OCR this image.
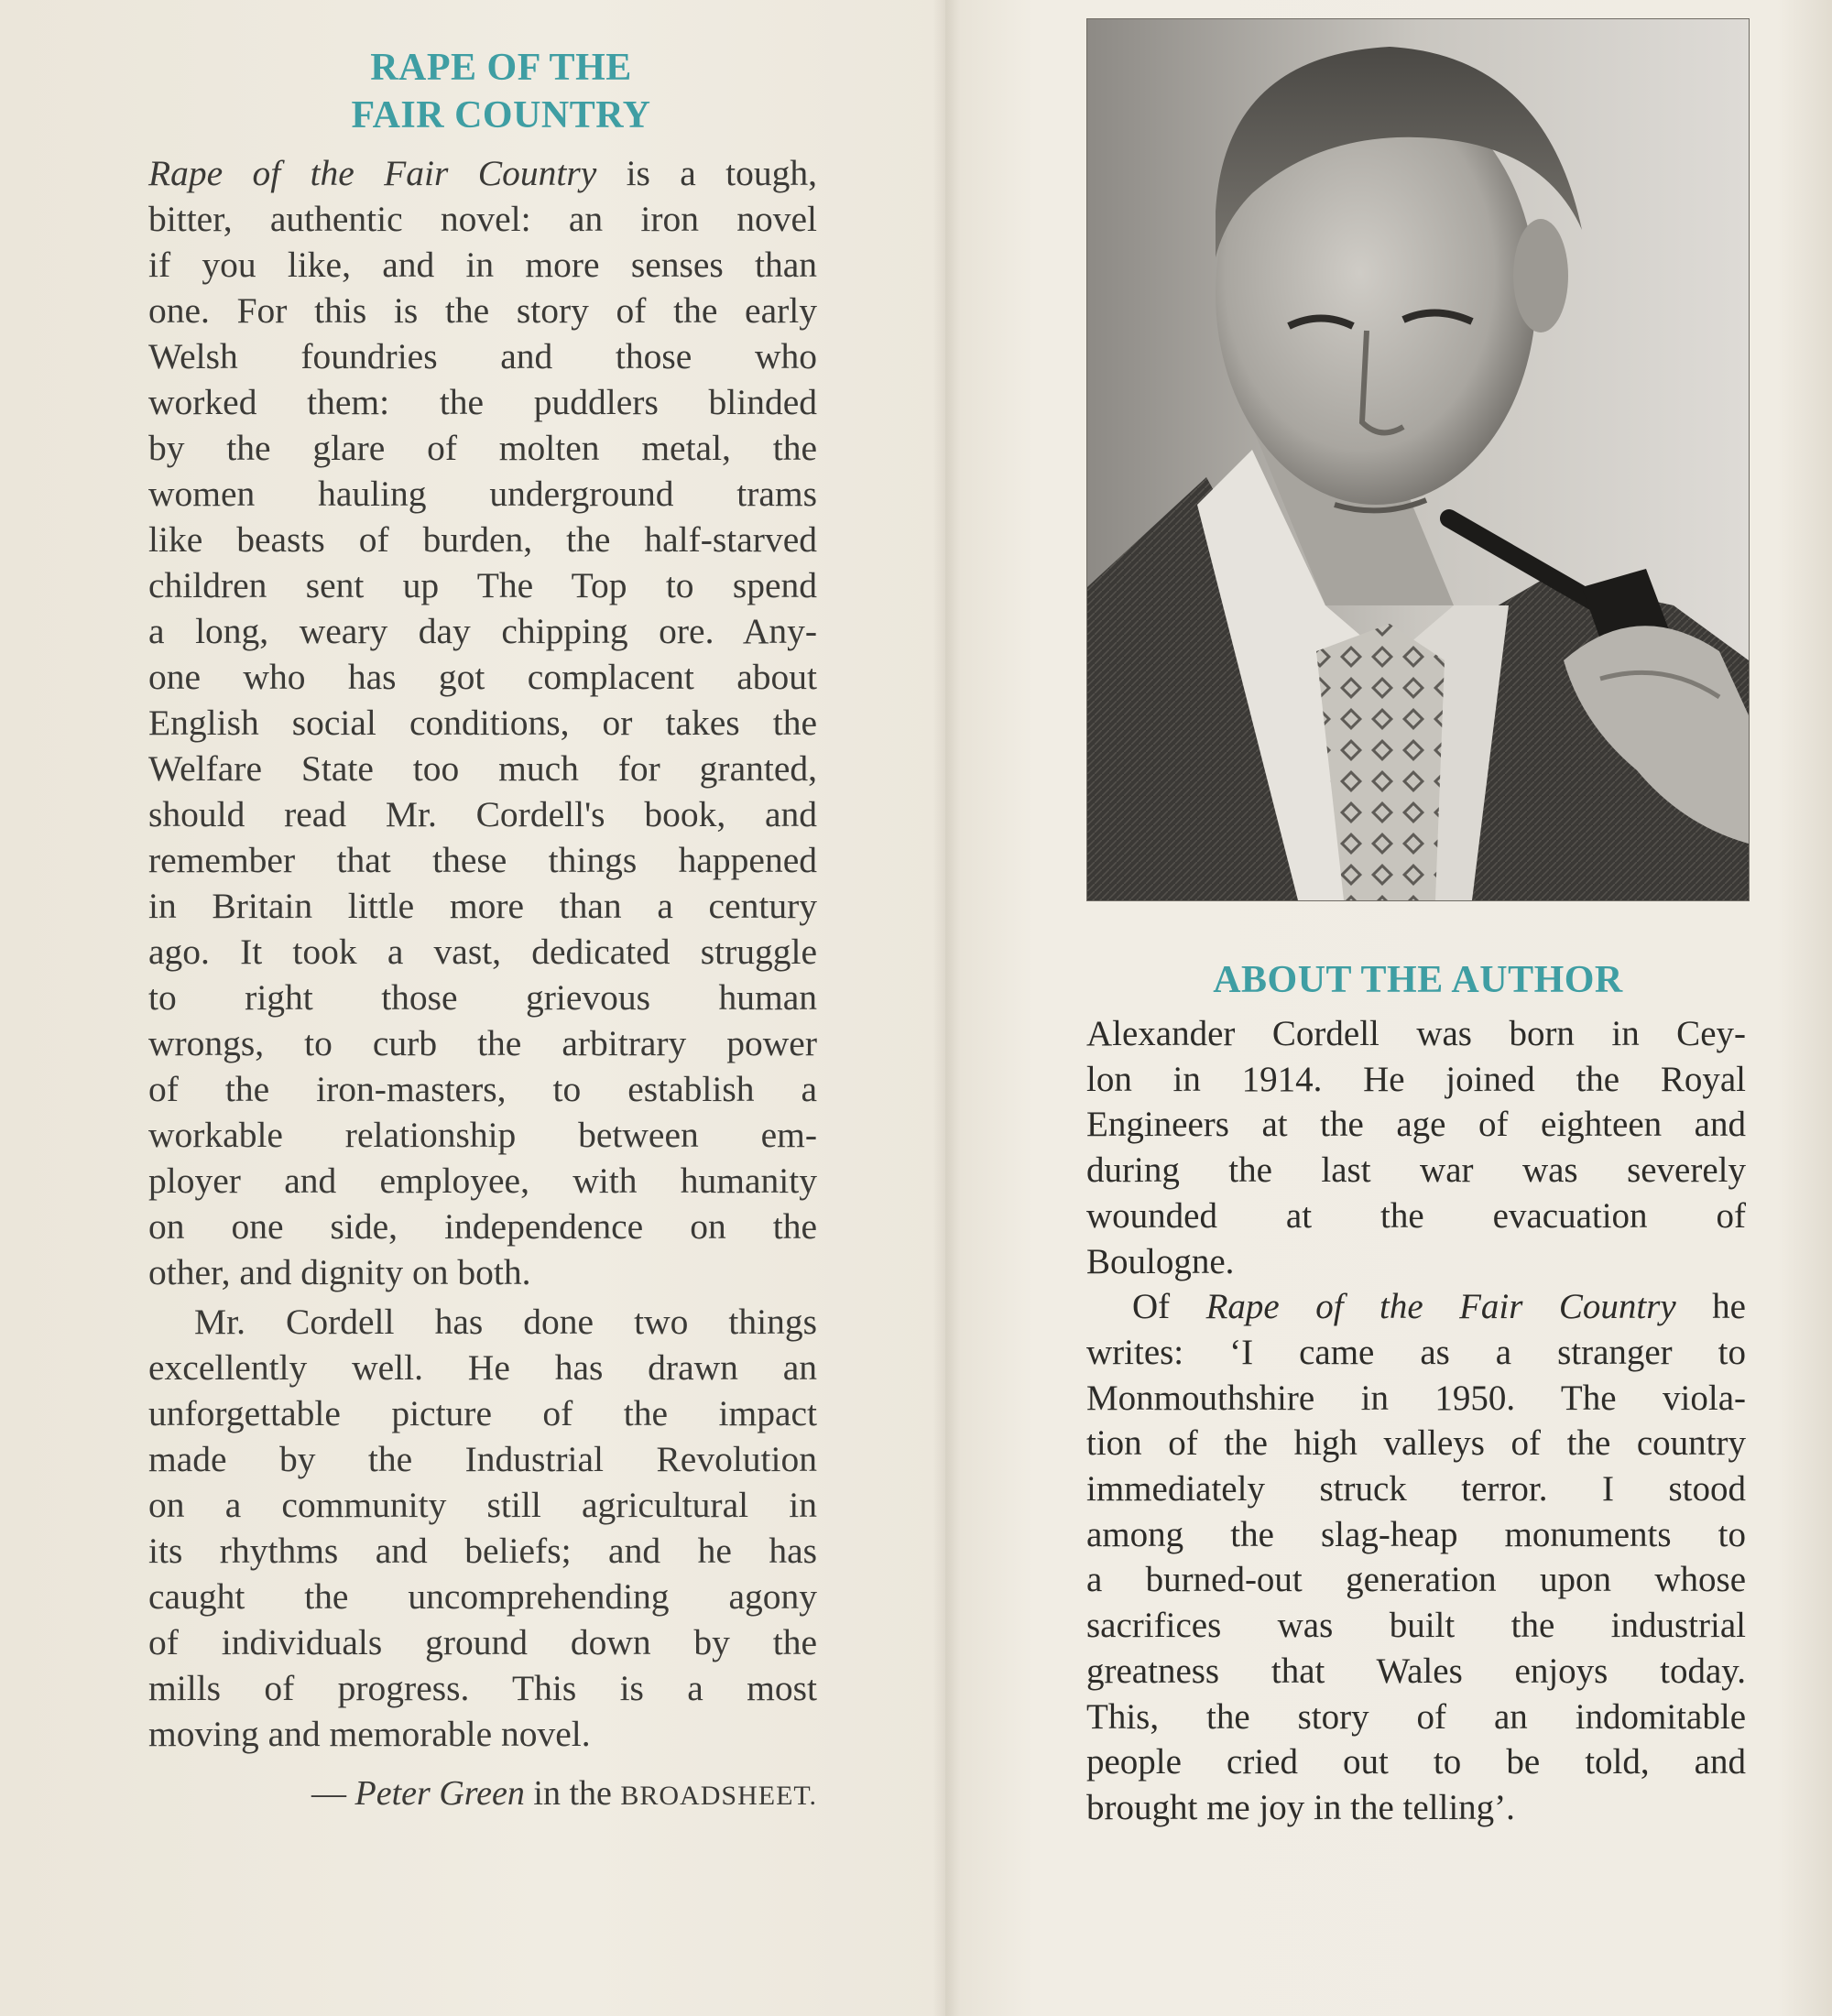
RAPE OF THE
FAIR COUNTRY

Rape of the Fair Country is a tough,
bitter, authentic novel: an iron novel
if you like, and in more senses than
one. For this is the story of the early
Welsh foundries and those who
worked them: the puddlers blinded
by the glare of molten metal, the
women hauling underground trams
like beasts of burden, the half-starved
children sent up The Top to spend
a long, weary day chipping ore. Any-
one who has got complacent about
English social conditions, or takes the
Welfare State too much for granted,
should read Mr. Cordell's book, and
remember that these things happened
in Britain little more than a century
ago. It took a vast, dedicated struggle
to right those grievous human
wrongs, to curb the arbitrary power
of the iron-masters, to establish a
workable relationship between em-
ployer and employee, with humanity
on one side, independence on the
other, and dignity on both.

Mr. Cordell has done two things
excellently well. He has drawn an
unforgettable picture of the impact
made by the Industrial Revolution
on a community still agricultural in
its rhythms and beliefs; and he has
caught the uncomprehending agony
of individuals ground down by the
mills of progress. This is a most
moving and memorable novel.

— Peter Green in the BROADSHEET.
ABOUT THE AUTHOR

Alexander Cordell was born in Cey-
lon in 1914. He joined the Royal
Engineers at the age of eighteen and
during the last war was severely
wounded at the evacuation of
Boulogne.

Of Rape of the Fair Country he
writes: ‘I came as a stranger to
Monmouthshire in 1950. The viola-
tion of the high valleys of the country
immediately struck terror. I stood
among the slag-heap monuments to
a burned-out generation upon whose
sacrifices was built the industrial
greatness that Wales enjoys today.
This, the story of an indomitable
people cried out to be told, and
brought me joy in the telling’.
